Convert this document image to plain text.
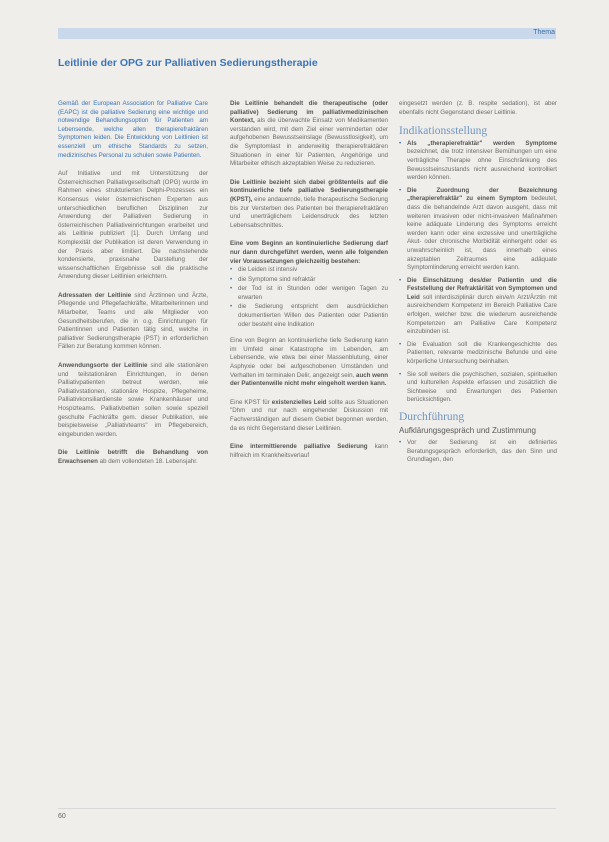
Thema
Leitlinie der OPG zur Palliativen Sedierungstherapie

Gemäß der European Association for Palliative Care (EAPC) ist die palliative Sedierung eine wichtige und notwendige Behandlungsoption für Patienten am Lebensende, welche allen therapierefraktären Symptomen leiden. Die Entwicklung von Leitlinien ist essenziell um ethische Standards zu setzen, medizinisches Personal zu schulen sowie Patienten.

Auf Initiative und mit Unterstützung der Österreichischen Palliativgesellschaft (OPG) wurde im Rahmen eines strukturierten Delphi-Prozesses ein Konsensus vieler österreichischen Experten aus unterschiedlichen beruflichen Disziplinen zur Anwendung der Palliativen Sedierung in österreichischen Palliativeinrichtungen erarbeitet und als Leitlinie publiziert [1]. Durch Umfang und Komplexität der Publikation ist deren Verwendung in der Praxis aber limitiert. Die nachstehende kondensierte, praxisnahe Darstellung der wissenschaftlichen Ergebnisse soll die praktische Anwendung dieser Leitlinien erleichtern.

Adressaten der Leitlinie sind Ärztinnen und Ärzte, Pflegende und Pflegefachkräfte, Mitarbeiterinnen und Mitarbeiter, Teams und alle Mitglieder von Gesundheitsberufen, die in o.g. Einrichtungen für Patientinnen und Patienten tätig sind, welche in palliativer Sedierungstherapie (PST) in erforderlichen Fällen zur Beratung kommen können.

Anwendungsorte der Leitlinie sind alle stationären und teilstationären Einrichtungen, in denen Palliativpatienten betreut werden, wie Palliativstationen, stationäre Hospize, Pflegeheime, Palliativkonsiliardienste sowie Krankenhäuser und Hospizteams. Palliativbetten sollen sowie speziell geschulte Fachkräfte gem. dieser Publikation, wie beispielsweise „Palliativteams" im Pflegebereich, eingebunden werden.

Die Leitlinie betrifft die Behandlung von Erwachsenen ab dem vollendeten 18. Lebensjahr.

Die Leitlinie behandelt die therapeutische (oder palliative) Sedierung im palliativmedizinischen Kontext, als die überwachte Einsatz von Medikamenten verstanden wird, mit dem Ziel einer verminderten oder aufgehobenen Bewusstseinslage (Bewusstlosigkeit), um die Symptomlast in anderweitig therapierefraktären Situationen in einer für Patienten, Angehörige und Mitarbeiter ethisch akzeptablen Weise zu reduzieren.

Die Leitlinie bezieht sich dabei größtenteils auf die kontinuierliche tiefe palliative Sedierungstherapie (KPST), eine andauernde, tiefe therapeutische Sedierung bis zur Versterben des Patienten bei therapierefraktären und unerträglichem Leidensdruck des letzten Lebensabschnittes.

Eine vom Beginn an kontinuierliche Sedierung darf nur dann durchgeführt werden, wenn alle folgenden vier Voraussetzungen gleichzeitig bestehen:

• die Leiden ist intensiv
• die Symptome sind refraktär
• der Tod ist in Stunden oder wenigen Tagen zu erwarten
• die Sedierung entspricht dem ausdrücklichen dokumentierten Willen des Patienten oder Patientin oder besteht eine Indikation

Eine von Beginn an kontinuierliche tiefe Sedierung kann im Umfeld einer Katastrophe im Lebenden, am Lebensende, wie etwa bei einer Massenblutung, einer Asphyxie oder bei aufgeschobenen Umständen und Verhalten im terminalen Delir, angezeigt sein, auch wenn der Patientenwille nicht mehr eingeholt werden kann.

Eine KPST für existenzielles Leid sollte aus Situationen "Dhm und nur nach eingehender Diskussion mit Fachverständigen auf diesem Gebiet begonnen werden, da es nicht Gegenstand dieser Leitlinien.

Eine intermittierende palliative Sedierung kann hilfreich im Krankheitsverlauf

eingesetzt werden (z. B. respite sedation), ist aber ebenfalls nicht Gegenstand dieser Leitlinie.

Indikationsstellung
• Als „therapierefraktär" werden Symptome bezeichnet, die trotz intensiver Bemühungen um eine verträgliche Therapie ohne Einschränkung des Bewusstseinszustands nicht ausreichend kontrolliert werden können.
• Die Zuordnung der Bezeichnung „therapierefraktär" zu einem Symptom bedeutet, dass die behandelnde Arzt davon ausgeht, dass mit weiteren invasiven oder nicht-invasiven Maßnahmen keine adäquate Linderung des Symptoms erreicht werden kann oder eine exzessive und unerträgliche Akut- oder chronische Morbidität einhergeht oder es unwahrscheinlich ist, dass innerhalb eines akzeptablen Zeitraumes eine adäquate Symptomlinderung erreicht werden kann.
• Die Einschätzung des/der Patientin und die Feststellung der Refraktärität von Symptomen und Leid soll interdisziplinär durch ein/e/n Arzt/Ärztin mit ausreichendem Kompetenz im Bereich Palliative Care erfolgen, welcher bzw. die wiederum ausreichende Kompetenzen am Palliative Care Kompetenz einzubinden ist.
• Die Evaluation soll die Krankengeschichte des Patienten, relevante medizinische Befunde und eine körperliche Untersuchung beinhalten.
• Sie soll weiters die psychischen, sozialen, spirituellen und kulturellen Aspekte erfassen und zusätzlich die Sichtweise und Erwartungen des Patienten berücksichtigen.
Durchführung
Aufklärungsgespräch und Zustimmung
• Vor der Sedierung ist ein definiertes Beratungsgespräch erforderlich, das den Sinn und Grundlagen, den
60
